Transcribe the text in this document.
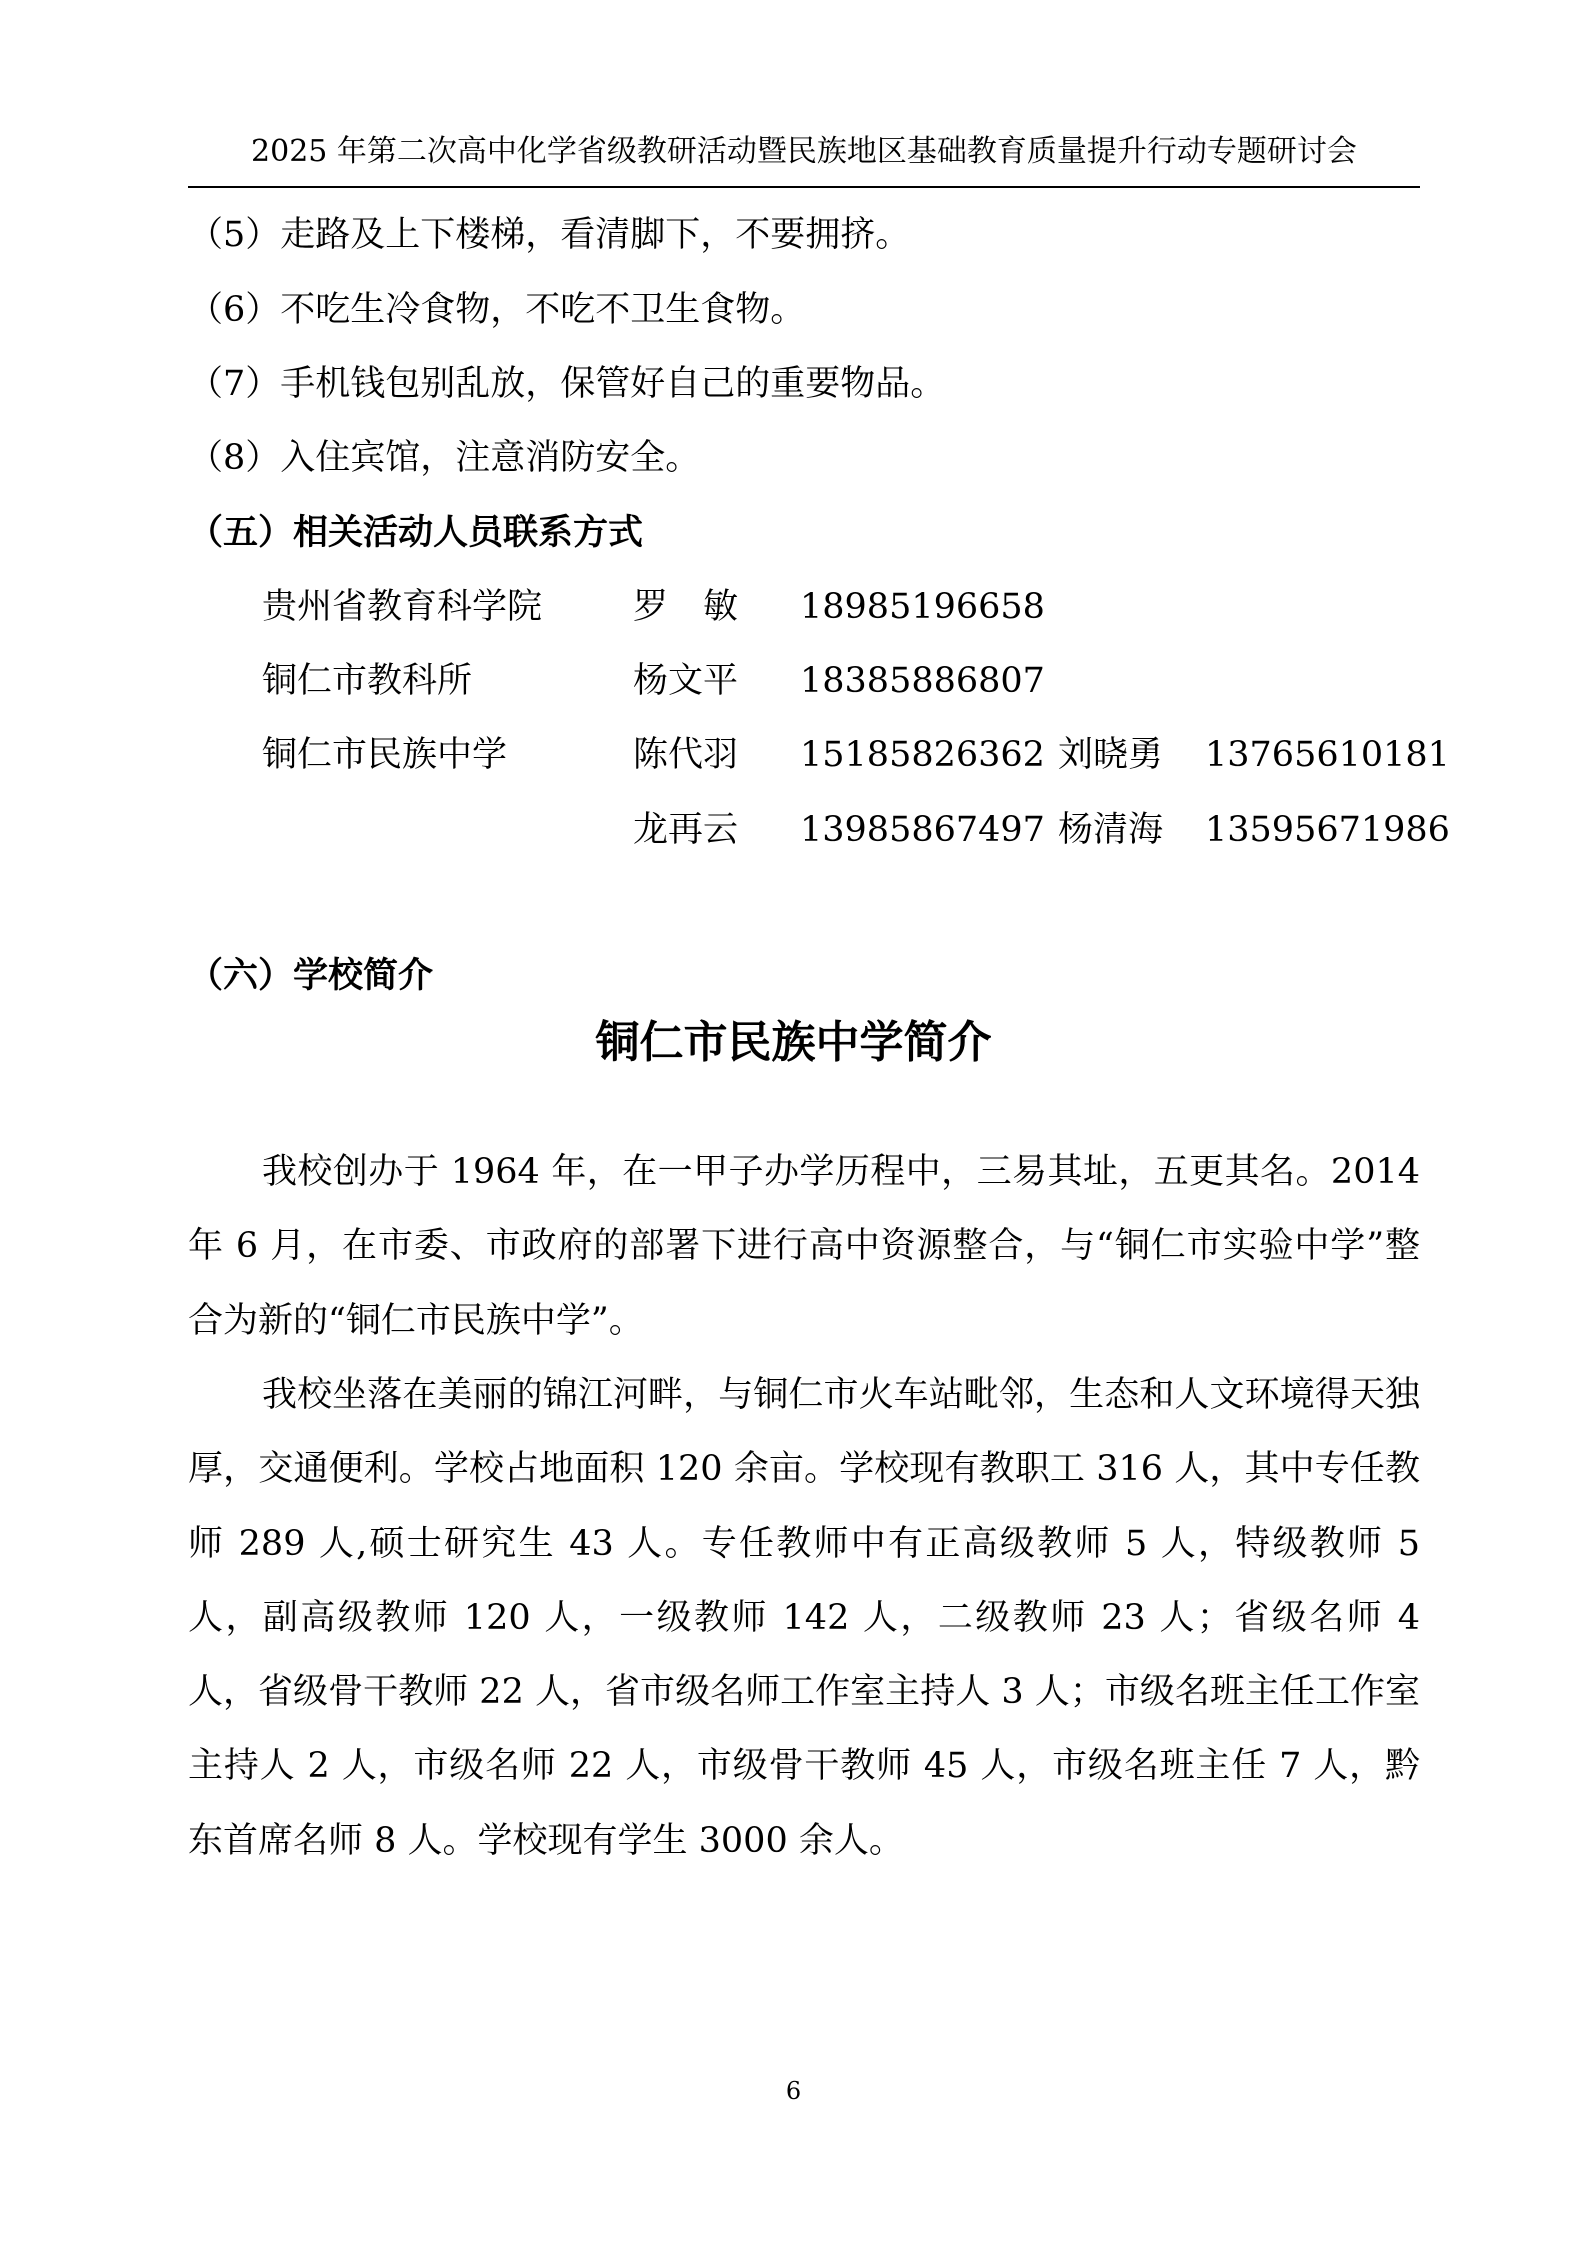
2025 年第二次高中化学省级教研活动暨民族地区基础教育质量提升行动专题研讨会
（5）走路及上下楼梯，看清脚下，不要拥挤。
（6）不吃生冷食物，不吃不卫生食物。
（7）手机钱包别乱放，保管好自己的重要物品。
（8）入住宾馆，注意消防安全。
（五）相关活动人员联系方式
贵州省教育科学院	罗　敏 18985196658
铜仁市教科所	杨文平 18385886807
铜仁市民族中学	陈代羽 15185826362 刘晓勇 13765610181
龙再云 13985867497 杨清海 13595671986
（六）学校简介
铜仁市民族中学简介

我校创办于 1964 年，在一甲子办学历程中，三易其址，五更其名。2014 年 6 月，在市委、市政府的部署下进行高中资源整合，与“铜仁市实验中学”整合为新的“铜仁市民族中学”。

我校坐落在美丽的锦江河畔，与铜仁市火车站毗邻，生态和人文环境得天独厚，交通便利。学校占地面积 120 余亩。学校现有教职工 316 人，其中专任教师 289 人,硕士研究生 43 人。专任教师中有正高级教师 5 人，特级教师 5 人，副高级教师 120 人，一级教师 142 人，二级教师 23 人；省级名师 4 人，省级骨干教师 22 人，省市级名师工作室主持人 3 人；市级名班主任工作室主持人 2 人，市级名师 22 人，市级骨干教师 45 人，市级名班主任 7 人，黔东首席名师 8 人。学校现有学生 3000 余人。

6
